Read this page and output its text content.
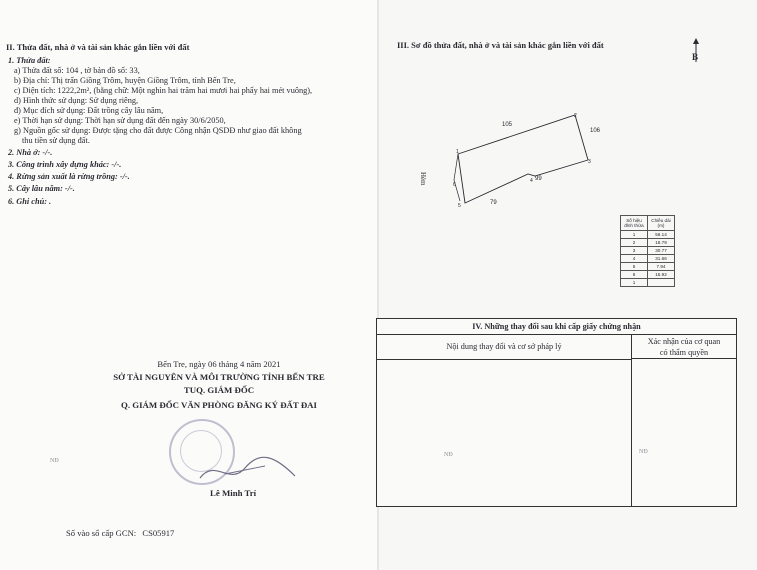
II. Thửa đất, nhà ở và tài sản khác gắn liền với đất
1. Thửa đất:
a) Thửa đất số: 104 , tờ bản đồ số: 33,
b) Địa chỉ: Thị trấn Giồng Trôm, huyện Giồng Trôm, tỉnh Bến Tre,
c) Diện tích: 1222,2m², (bằng chữ: Một nghìn hai trăm hai mươi hai phẩy hai mét vuông),
d) Hình thức sử dụng: Sử dụng riêng,
đ) Mục đích sử dụng: Đất trồng cây lâu năm,
e) Thời hạn sử dụng: Thời hạn sử dụng đất đến ngày 30/6/2050,
g) Nguồn gốc sử dụng: Được tặng cho đất được Công nhận QSDĐ như giao đất không
thu tiền sử dụng đất.
2. Nhà ở: -/-.
3. Công trình xây dựng khác: -/-.
4. Rừng sản xuất là rừng trồng: -/-.
5. Cây lâu năm: -/-.
6. Ghi chú: .
Bến Tre, ngày 06 tháng 4 năm 2021
SỞ TÀI NGUYÊN VÀ MÔI TRƯỜNG TỈNH BẾN TRE
TUQ. GIÁM ĐỐC
Q. GIÁM ĐỐC VĂN PHÒNG ĐĂNG KÝ ĐẤT ĐAI
Lê Minh Trí
NĐ
Số vào sổ cấp GCN: CS05917
III. Sơ đồ thửa đất, nhà ở và tài sản khác gắn liền với đất
B
105
106
99
79
1
2
3
4
5
6
Hẻm
Số hiệu đỉnh thửa	Chiều dài (m)
1	56.14
2	18.79
3	30.77
4	31.66
5	7.94
6	15.92
1	
IV. Những thay đổi sau khi cấp giấy chứng nhận
Nội dung thay đổi và cơ sở pháp lý
Xác nhận của cơ quan
có thẩm quyền
NĐ	NĐ
